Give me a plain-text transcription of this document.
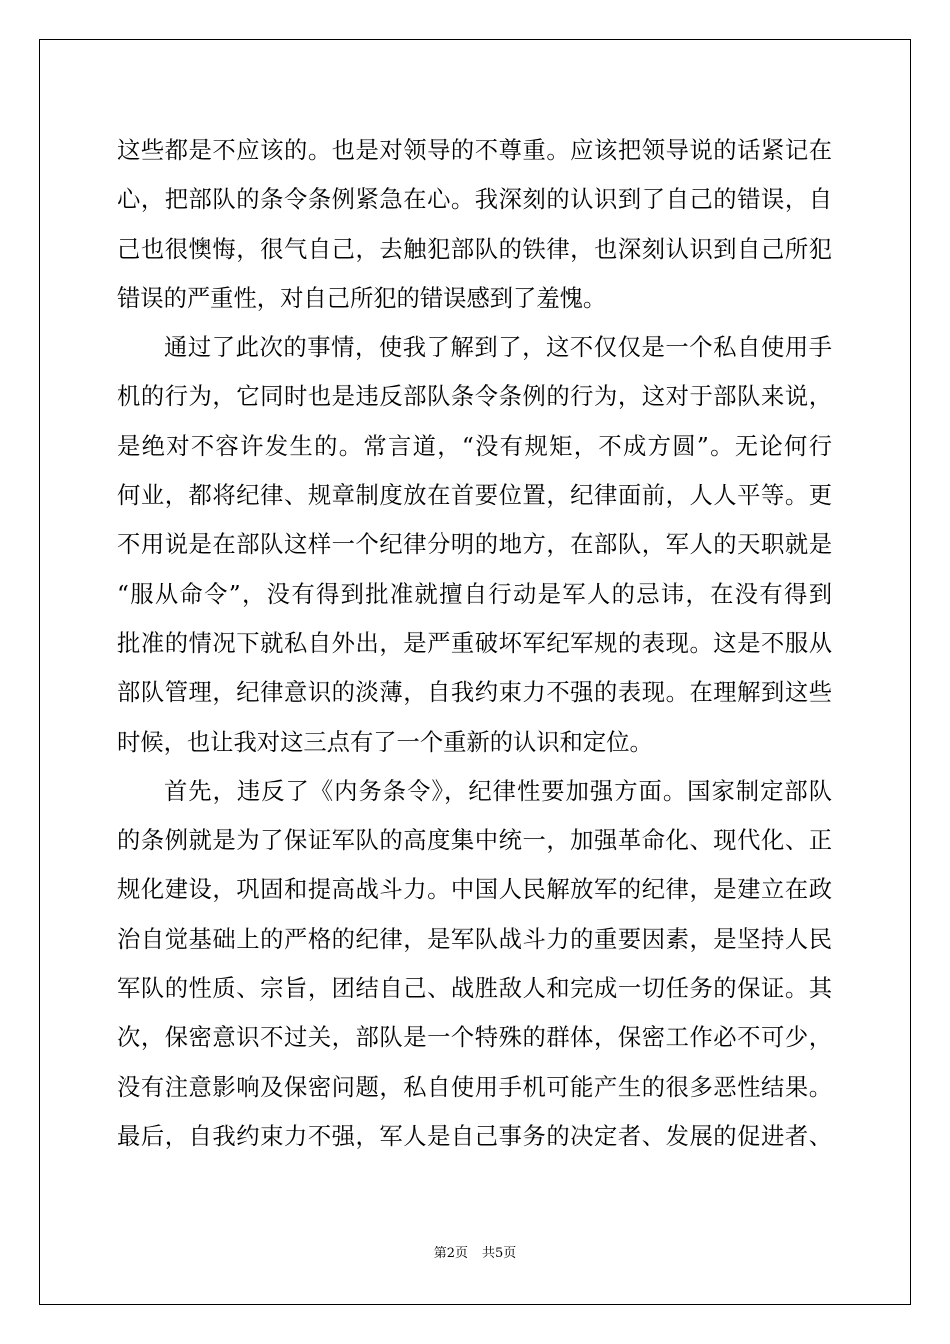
这些都是不应该的。也是对领导的不尊重。应该把领导说的话紧记在
心，把部队的条令条例紧急在心。我深刻的认识到了自己的错误，自
己也很懊悔，很气自己，去触犯部队的铁律，也深刻认识到自己所犯
错误的严重性，对自己所犯的错误感到了羞愧。
通过了此次的事情，使我了解到了，这不仅仅是一个私自使用手
机的行为，它同时也是违反部队条令条例的行为，这对于部队来说，
是绝对不容许发生的。常言道，“没有规矩，不成方圆”。无论何行
何业，都将纪律、规章制度放在首要位置，纪律面前，人人平等。更
不用说是在部队这样一个纪律分明的地方，在部队，军人的天职就是
“服从命令”，没有得到批准就擅自行动是军人的忌讳，在没有得到
批准的情况下就私自外出，是严重破坏军纪军规的表现。这是不服从
部队管理，纪律意识的淡薄，自我约束力不强的表现。在理解到这些
时候，也让我对这三点有了一个重新的认识和定位。
首先，违反了《内务条令》，纪律性要加强方面。国家制定部队
的条例就是为了保证军队的高度集中统一，加强革命化、现代化、正
规化建设，巩固和提高战斗力。中国人民解放军的纪律，是建立在政
治自觉基础上的严格的纪律，是军队战斗力的重要因素，是坚持人民
军队的性质、宗旨，团结自己、战胜敌人和完成一切任务的保证。其
次，保密意识不过关，部队是一个特殊的群体，保密工作必不可少，
没有注意影响及保密问题，私自使用手机可能产生的很多恶性结果。
最后，自我约束力不强，军人是自己事务的决定者、发展的促进者、
第2页 共5页
